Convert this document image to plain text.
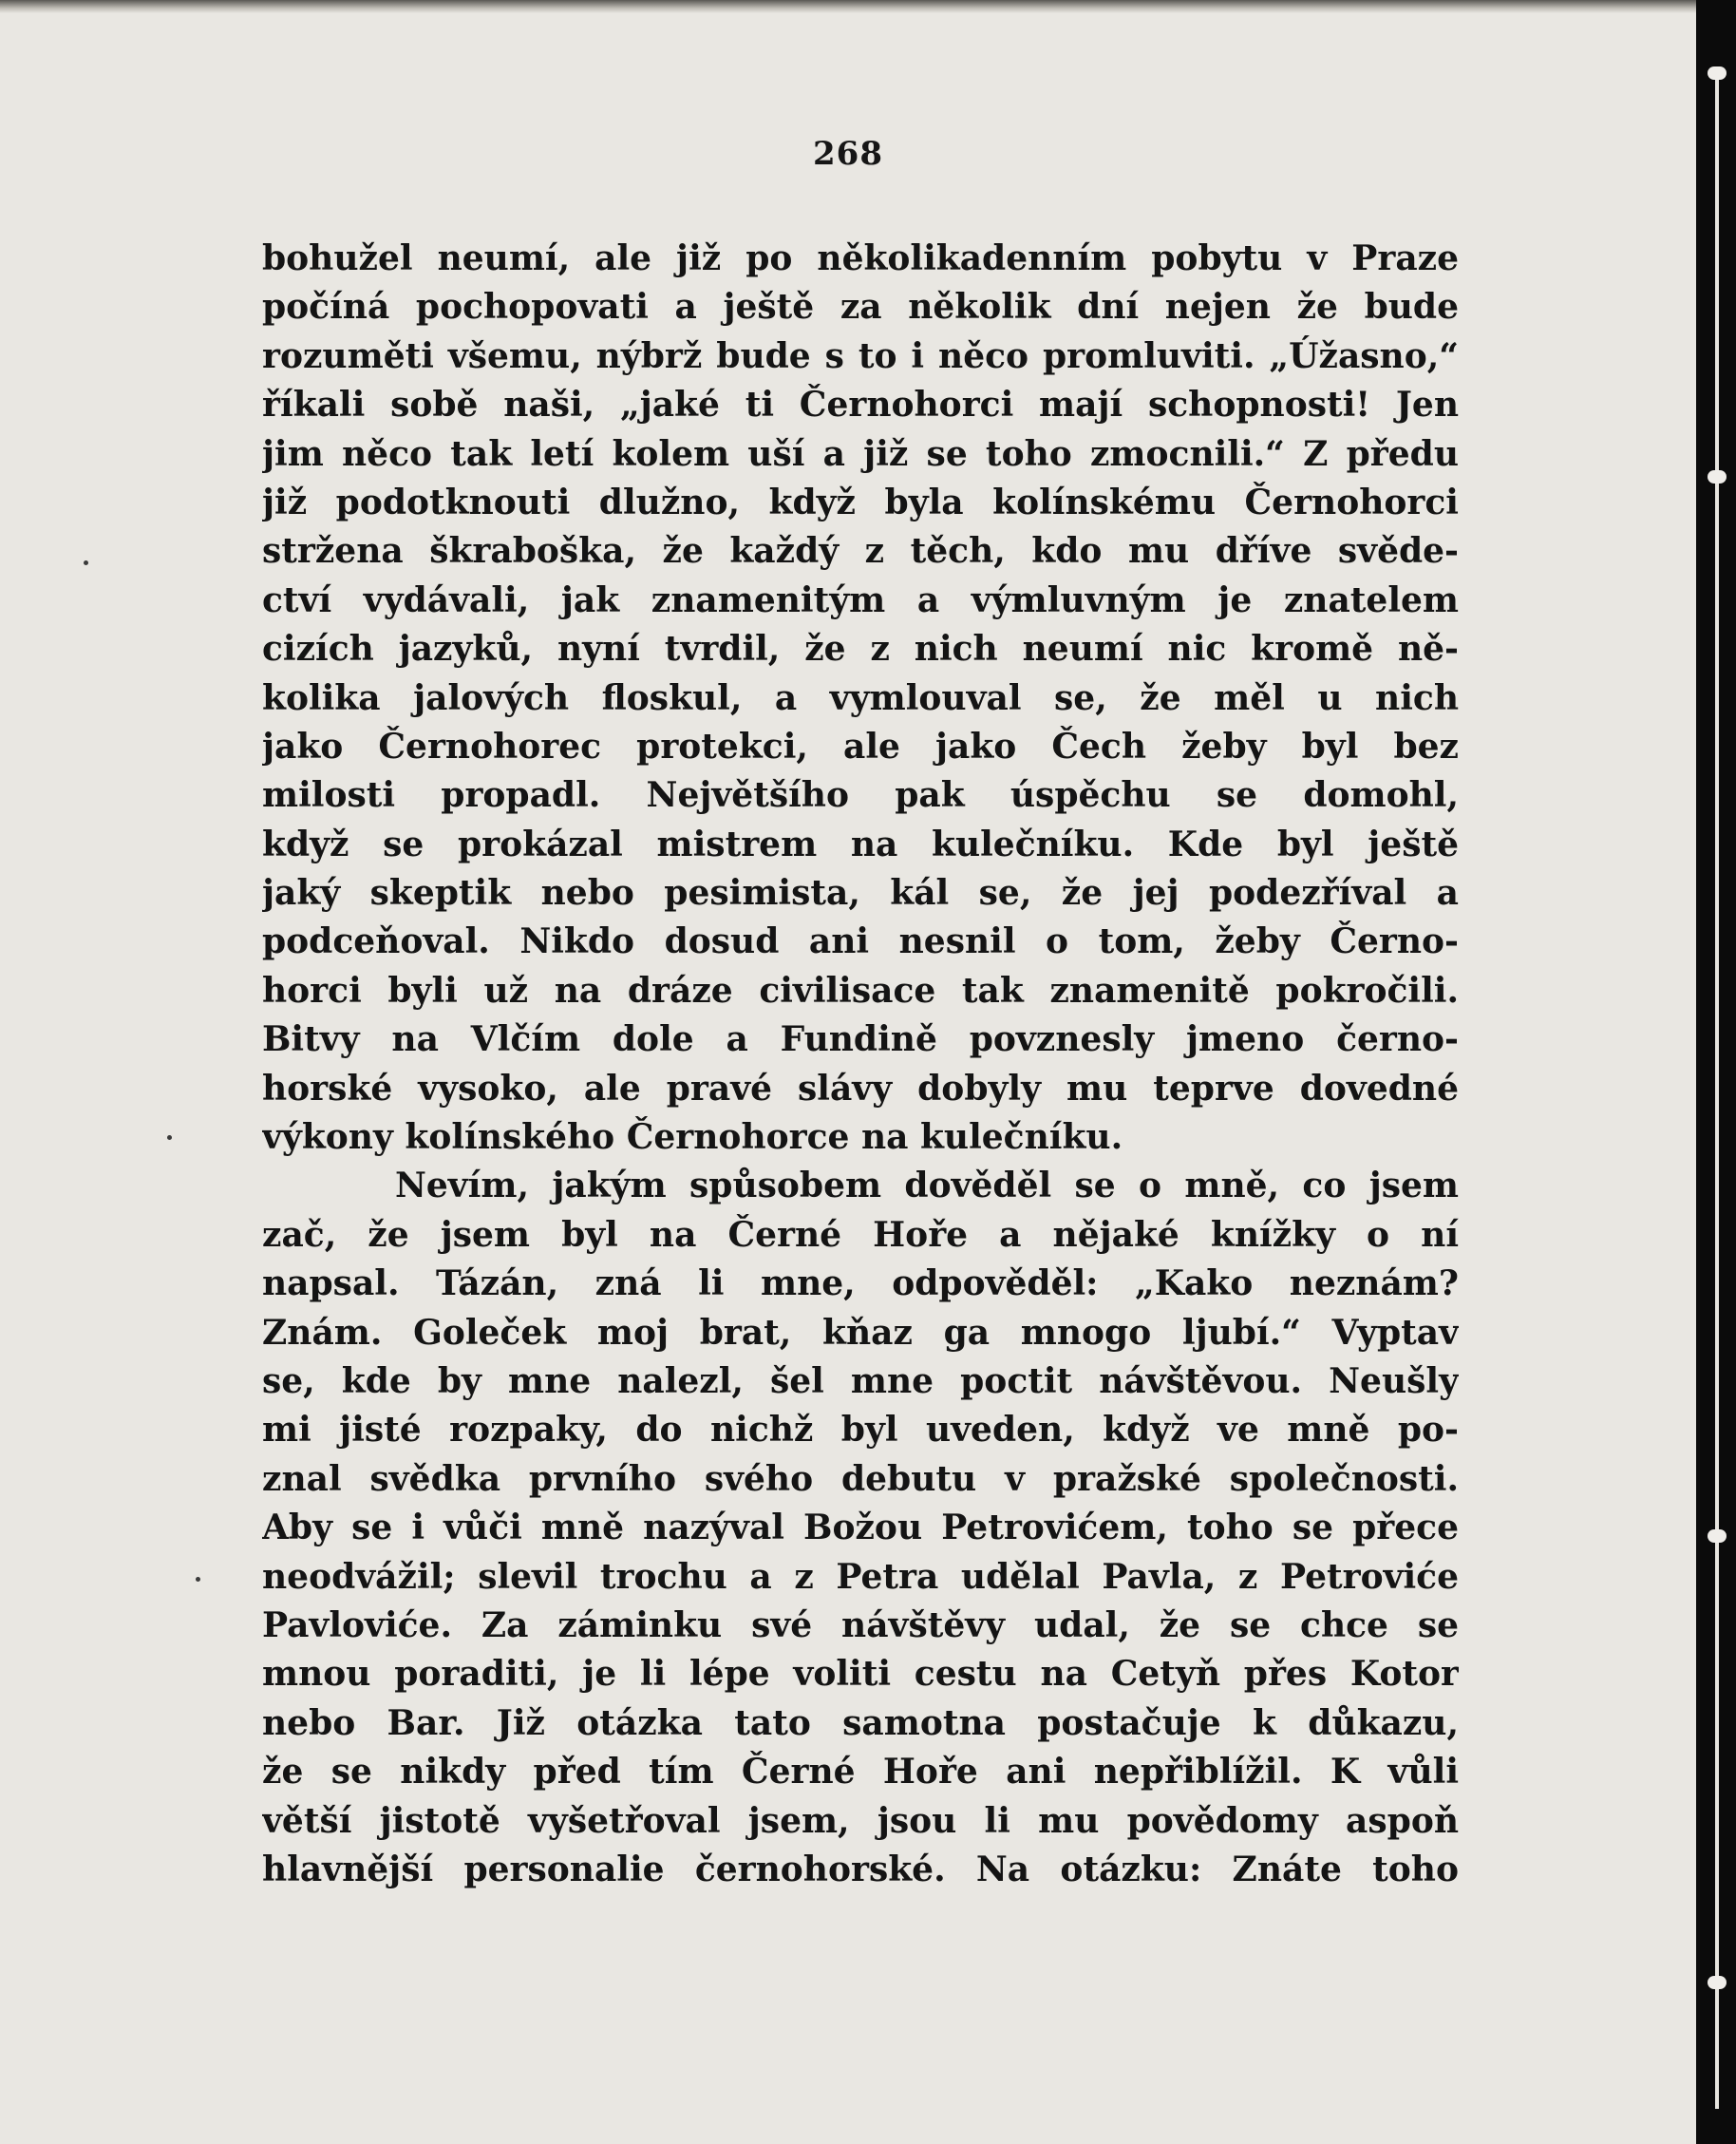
268
bohužel neumí, ale již po několikadenním pobytu v Praze
počíná pochopovati a ještě za několik dní nejen že bude
rozuměti všemu, nýbrž bude s to i něco promluviti. „Úžasno,“
říkali sobě naši, „jaké ti Černohorci mají schopnosti! Jen
jim něco tak letí kolem uší a již se toho zmocnili.“ Z předu
již podotknouti dlužno, když byla kolínskému Černohorci
stržena škraboška, že každý z těch, kdo mu dříve svěde-
ctví vydávali, jak znamenitým a výmluvným je znatelem
cizích jazyků, nyní tvrdil, že z nich neumí nic kromě ně-
kolika jalových floskul, a vymlouval se, že měl u nich
jako Černohorec protekci, ale jako Čech žeby byl bez
milosti propadl. Největšího pak úspěchu se domohl,
když se prokázal mistrem na kulečníku. Kde byl ještě
jaký skeptik nebo pesimista, kál se, že jej podezříval a
podceňoval. Nikdo dosud ani nesnil o tom, žeby Černo-
horci byli už na dráze civilisace tak znamenitě pokročili.
Bitvy na Vlčím dole a Fundině povznesly jmeno černo-
horské vysoko, ale pravé slávy dobyly mu teprve dovedné
výkony kolínského Černohorce na kulečníku.
Nevím, jakým spůsobem dověděl se o mně, co jsem
zač, že jsem byl na Černé Hoře a nějaké knížky o ní
napsal. Tázán, zná li mne, odpověděl: „Kako neznám?
Znám. Goleček moj brat, kňaz ga mnogo ljubí.“ Vyptav
se, kde by mne nalezl, šel mne poctit návštěvou. Neušly
mi jisté rozpaky, do nichž byl uveden, když ve mně po-
znal svědka prvního svého debutu v pražské společnosti.
Aby se i vůči mně nazýval Božou Petrovićem, toho se přece
neodvážil; slevil trochu a z Petra udělal Pavla, z Petroviće
Pavloviće. Za záminku své návštěvy udal, že se chce se
mnou poraditi, je li lépe voliti cestu na Cetyň přes Kotor
nebo Bar. Již otázka tato samotna postačuje k důkazu,
že se nikdy před tím Černé Hoře ani nepřiblížil. K vůli
větší jistotě vyšetřoval jsem, jsou li mu povědomy aspoň
hlavnější personalie černohorské. Na otázku: Znáte toho
